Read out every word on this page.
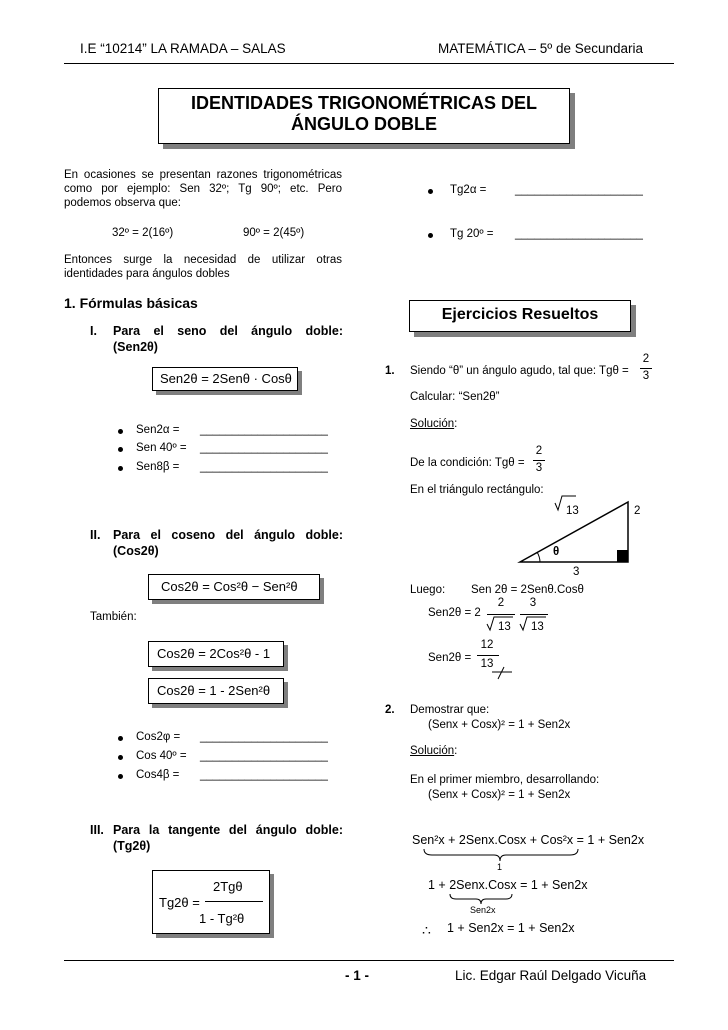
I.E “10214” LA RAMADA – SALAS	MATEMÁTICA – 5º de Secundaria
IDENTIDADES TRIGONOMÉTRICAS DEL
ÁNGULO DOBLE
En ocasiones se presentan razones trigonométricas como por ejemplo: Sen 32º; Tg 90º; etc. Pero podemos observa que:
32º = 2(16º)	90º = 2(45º)
Entonces surge la necesidad de utilizar otras identidades para ángulos dobles
1. Fórmulas básicas
I. Para el seno del ángulo doble:
(Sen2θ)
Sen2θ = 2Senθ · Cosθ
Sen2α = ____________________
Sen 40º = ____________________
Sen8β = ____________________
II. Para el coseno del ángulo doble:
(Cos2θ)
Cos2θ = Cos²θ − Sen²θ
También:
Cos2θ = 2Cos²θ - 1
Cos2θ = 1 - 2Sen²θ
Cos2φ = ____________________
Cos 40º = ____________________
Cos4β = ____________________
III. Para la tangente del ángulo doble:
(Tg2θ)
Tg2θ =
2Tgθ
1 - Tg²θ
Tg2α = ____________________
Tg 20º = ____________________
Ejercicios Resueltos
1. Siendo “θ” un ángulo agudo, tal que: Tgθ =
2
3
Calcular: “Sen2θ”
Solución:
De la condición: Tgθ =
2
3
En el triángulo rectángulo:
13	2
3
θ
Luego: Sen 2θ = 2Senθ.Cosθ
Sen2θ = 2
2	3
13 13
Sen2θ =
12
13
2. Demostrar que:
(Senx + Cosx)² = 1 + Sen2x
Solución:
En el primer miembro, desarrollando:
(Senx + Cosx)² = 1 + Sen2x
Sen²x + 2Senx.Cosx + Cos²x = 1 + Sen2x
1
1 + 2Senx.Cosx = 1 + Sen2x
Sen2x
∴ 1 + Sen2x = 1 + Sen2x
- 1 -	Lic. Edgar Raúl Delgado Vicuña
